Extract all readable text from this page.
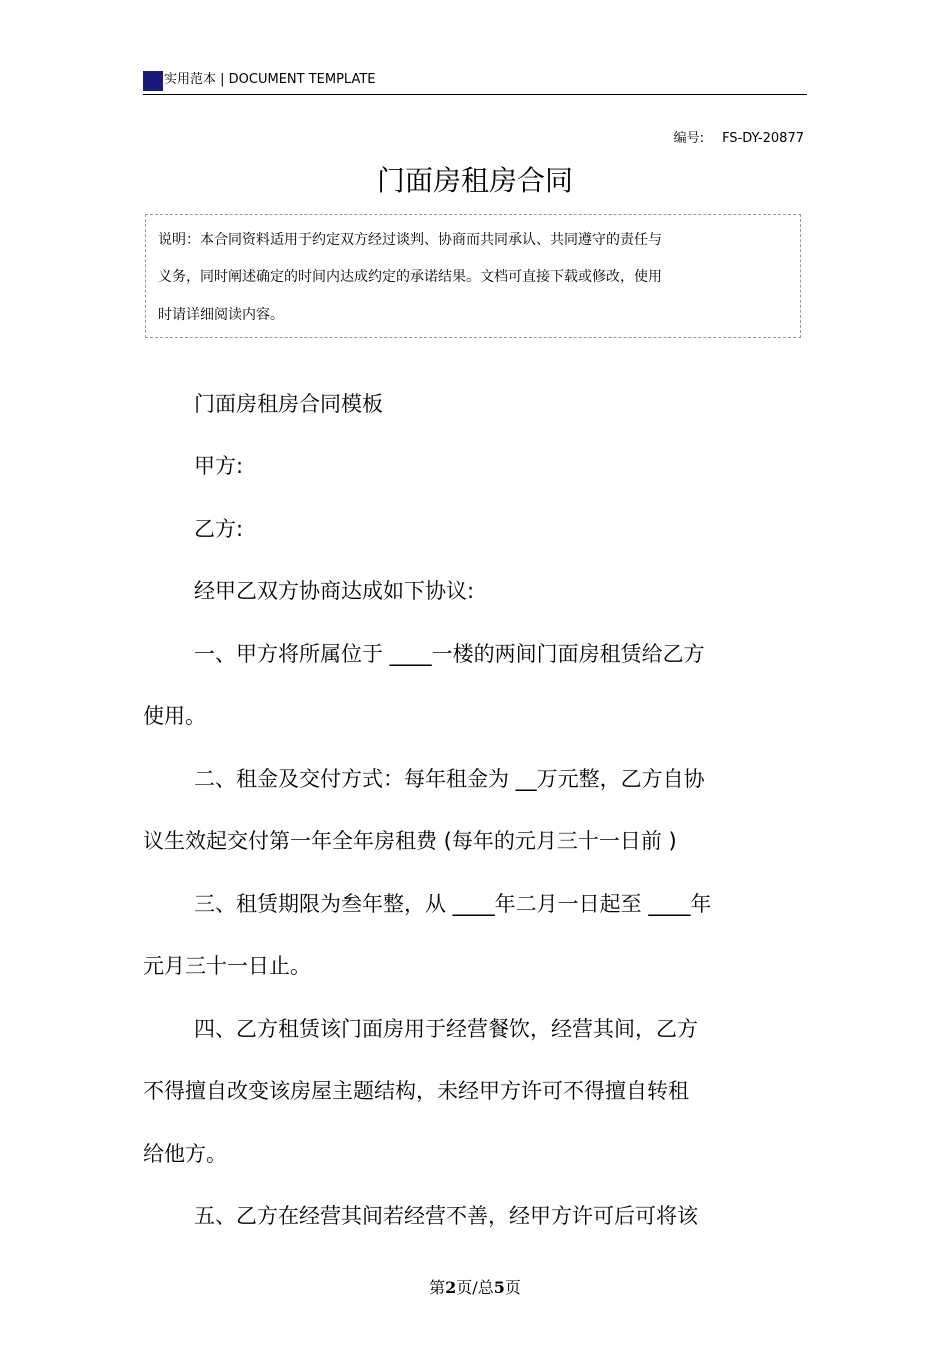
实用范本 | DOCUMENT TEMPLATE
编号: FS-DY-20877
门面房租房合同
说明：本合同资料适用于约定双方经过谈判、协商而共同承认、共同遵守的责任与
义务，同时阐述确定的时间内达成约定的承诺结果。文档可直接下载或修改，使用
时请详细阅读内容。
门面房租房合同模板
甲方:
乙方:
经甲乙双方协商达成如下协议:
一、甲方将所属位于 ____一楼的两间门面房租赁给乙方
使用。
二、租金及交付方式：每年租金为 __万元整，乙方自协
议生效起交付第一年全年房租费 (每年的元月三十一日前 )
三、租赁期限为叁年整，从 ____年二月一日起至 ____年
元月三十一日止。
四、乙方租赁该门面房用于经营餐饮，经营其间，乙方
不得擅自改变该房屋主题结构，未经甲方许可不得擅自转租
给他方。
五、乙方在经营其间若经营不善，经甲方许可后可将该
第2页/总5页
